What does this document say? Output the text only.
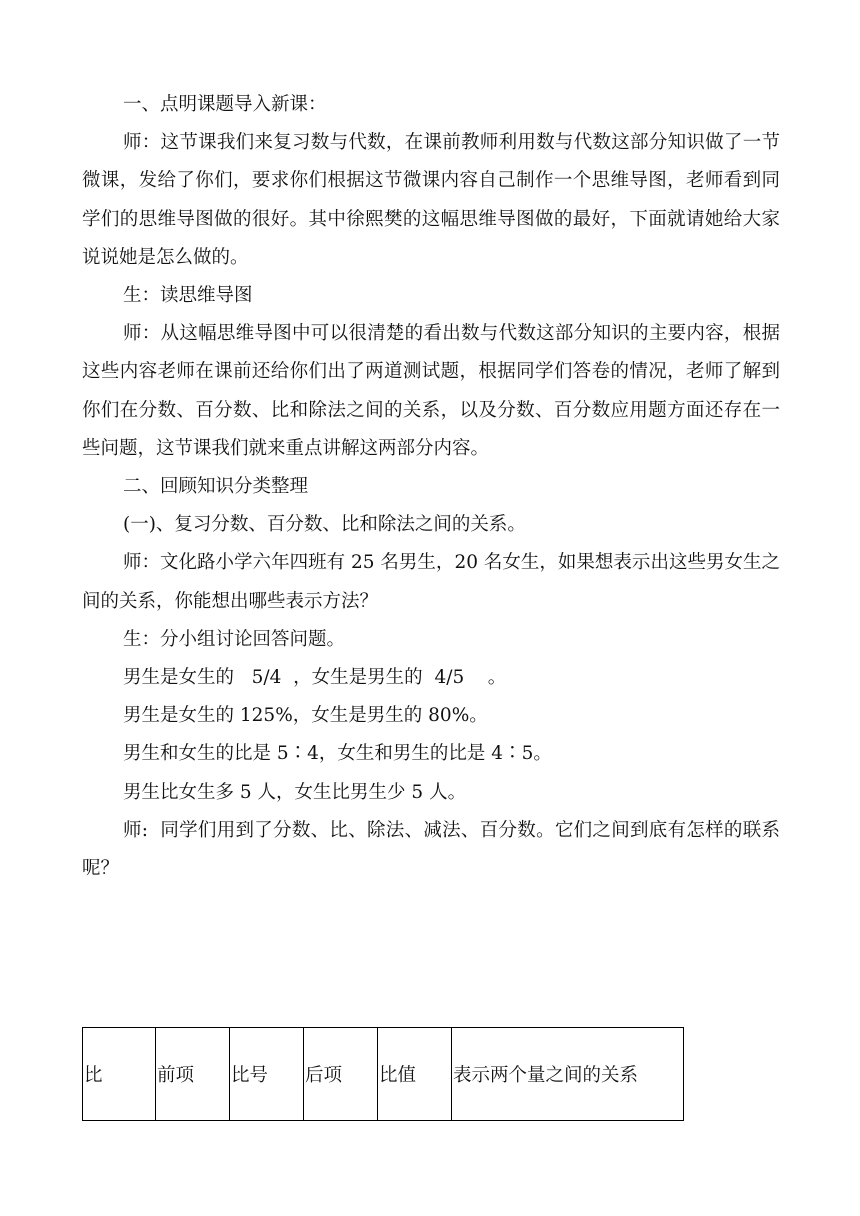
一、点明课题导入新课：

师：这节课我们来复习数与代数，在课前教师利用数与代数这部分知识做了一节微课，发给了你们，要求你们根据这节微课内容自己制作一个思维导图，老师看到同学们的思维导图做的很好。其中徐熙樊的这幅思维导图做的最好，下面就请她给大家说说她是怎么做的。

生：读思维导图

师：从这幅思维导图中可以很清楚的看出数与代数这部分知识的主要内容，根据这些内容老师在课前还给你们出了两道测试题，根据同学们答卷的情况，老师了解到你们在分数、百分数、比和除法之间的关系，以及分数、百分数应用题方面还存在一些问题，这节课我们就来重点讲解这两部分内容。

二、回顾知识分类整理

(一)、复习分数、百分数、比和除法之间的关系。

师：文化路小学六年四班有 25 名男生，20 名女生，如果想表示出这些男女生之间的关系，你能想出哪些表示方法？

生：分小组讨论回答问题。

男生是女生的   5/4  ，女生是男生的  4/5    。

男生是女生的 125%，女生是男生的 80%。

男生和女生的比是 5∶4，女生和男生的比是 4∶5。

男生比女生多 5 人，女生比男生少 5 人。

师:  同学们用到了分数、比、除法、减法、百分数。它们之间到底有怎样的联系呢？

比	前项	比号	后项	比值	表示两个量之间的关系
